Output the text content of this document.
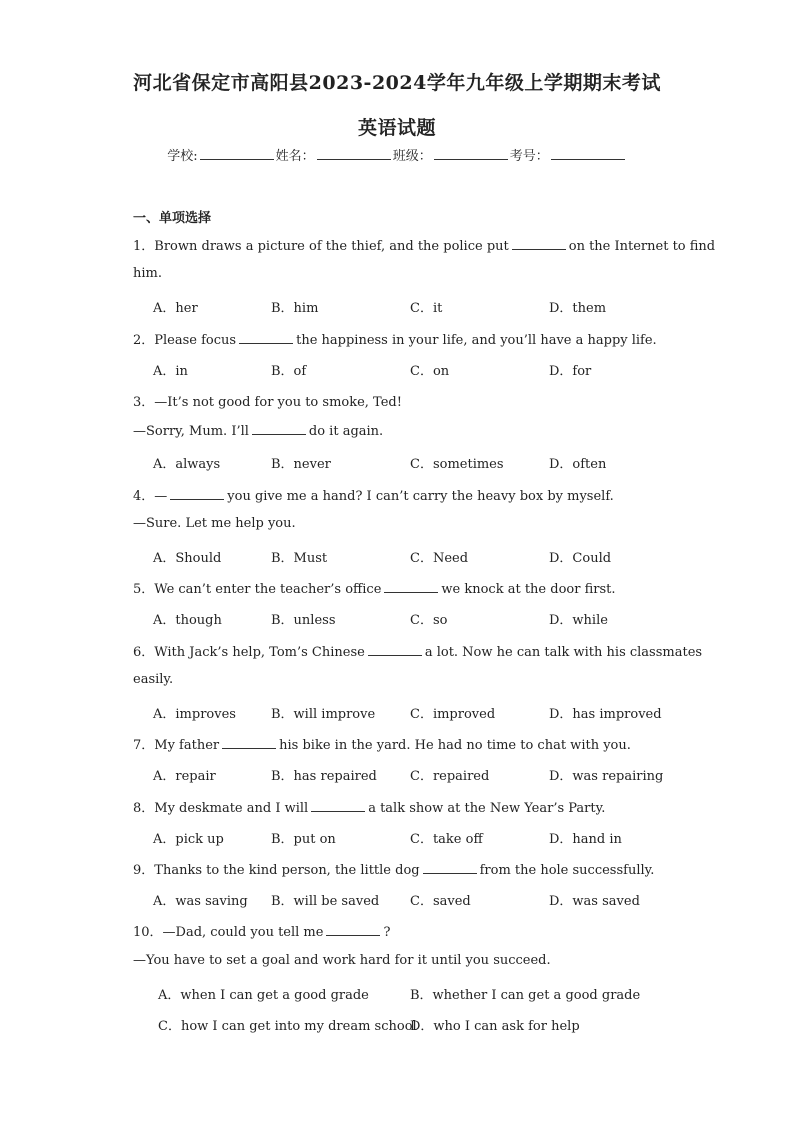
河北省保定市高阳县2023-2024学年九年级上学期期末考试
英语试题
学校:	姓名：	班级：	考号：
一、单项选择
1．Brown draws a picture of the thief, and the police put	on the Internet to find
him.
A．her	B．him	C．it	D．them
2．Please focus	the happiness in your life, and you’ll have a happy life.
A．in	B．of	C．on	D．for
3．—It’s not good for you to smoke, Ted!
—Sorry, Mum. I’ll	do it again.
A．always	B．never	C．sometimes	D．often
4．—	you give me a hand? I can’t carry the heavy box by myself.
—Sure. Let me help you.
A．Should	B．Must	C．Need	D．Could
5．We can’t enter the teacher’s office	we knock at the door first.
A．though	B．unless	C．so	D．while
6．With Jack’s help, Tom’s Chinese	a lot. Now he can talk with his classmates
easily.
A．improves	B．will improve	C．improved	D．has improved
7．My father	his bike in the yard. He had no time to chat with you.
A．repair	B．has repaired	C．repaired	D．was repairing
8．My deskmate and I will	a talk show at the New Year’s Party.
A．pick up	B．put on	C．take off	D．hand in
9．Thanks to the kind person, the little dog	from the hole successfully.
A．was saving B．will be saved C．saved	D．was saved
10．—Dad, could you tell me	?
—You have to set a goal and work hard for it until you succeed.
A．when I can get a good grade	B．whether I can get a good grade
C．how I can get into my dream school
D．who I can ask for help
